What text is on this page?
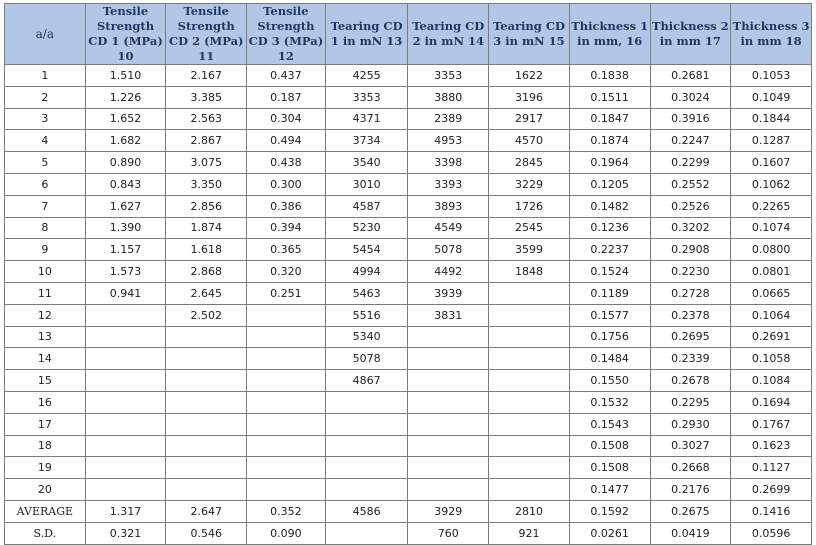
a/a	Tensile Strength CD 1 (MPa) 10	Tensile Strength CD 2 (MPa) 11	Tensile Strength CD 3 (MPa) 12	Tearing CD 1 in mN 13	Tearing CD 2 in mN 14	Tearing CD 3 in mN 15	Thickness 1 in mm, 16	Thickness 2 in mm 17	Thickness 3 in mm 18
1	1.510	2.167	0.437	4255	3353	1622	0.1838	0.2681	0.1053
2	1.226	3.385	0.187	3353	3880	3196	0.1511	0.3024	0.1049
3	1.652	2.563	0.304	4371	2389	2917	0.1847	0.3916	0.1844
4	1.682	2.867	0.494	3734	4953	4570	0.1874	0.2247	0.1287
5	0.890	3.075	0.438	3540	3398	2845	0.1964	0.2299	0.1607
6	0.843	3.350	0.300	3010	3393	3229	0.1205	0.2552	0.1062
7	1.627	2.856	0.386	4587	3893	1726	0.1482	0.2526	0.2265
8	1.390	1.874	0.394	5230	4549	2545	0.1236	0.3202	0.1074
9	1.157	1.618	0.365	5454	5078	3599	0.2237	0.2908	0.0800
10	1.573	2.868	0.320	4994	4492	1848	0.1524	0.2230	0.0801
11	0.941	2.645	0.251	5463	3939		0.1189	0.2728	0.0665
12		2.502		5516	3831		0.1577	0.2378	0.1064
13				5340			0.1756	0.2695	0.2691
14				5078			0.1484	0.2339	0.1058
15				4867			0.1550	0.2678	0.1084
16							0.1532	0.2295	0.1694
17							0.1543	0.2930	0.1767
18							0.1508	0.3027	0.1623
19							0.1508	0.2668	0.1127
20							0.1477	0.2176	0.2699
AVERAGE	1.317	2.647	0.352	4586	3929	2810	0.1592	0.2675	0.1416
S.D.	0.321	0.546	0.090		760	921	0.0261	0.0419	0.0596
